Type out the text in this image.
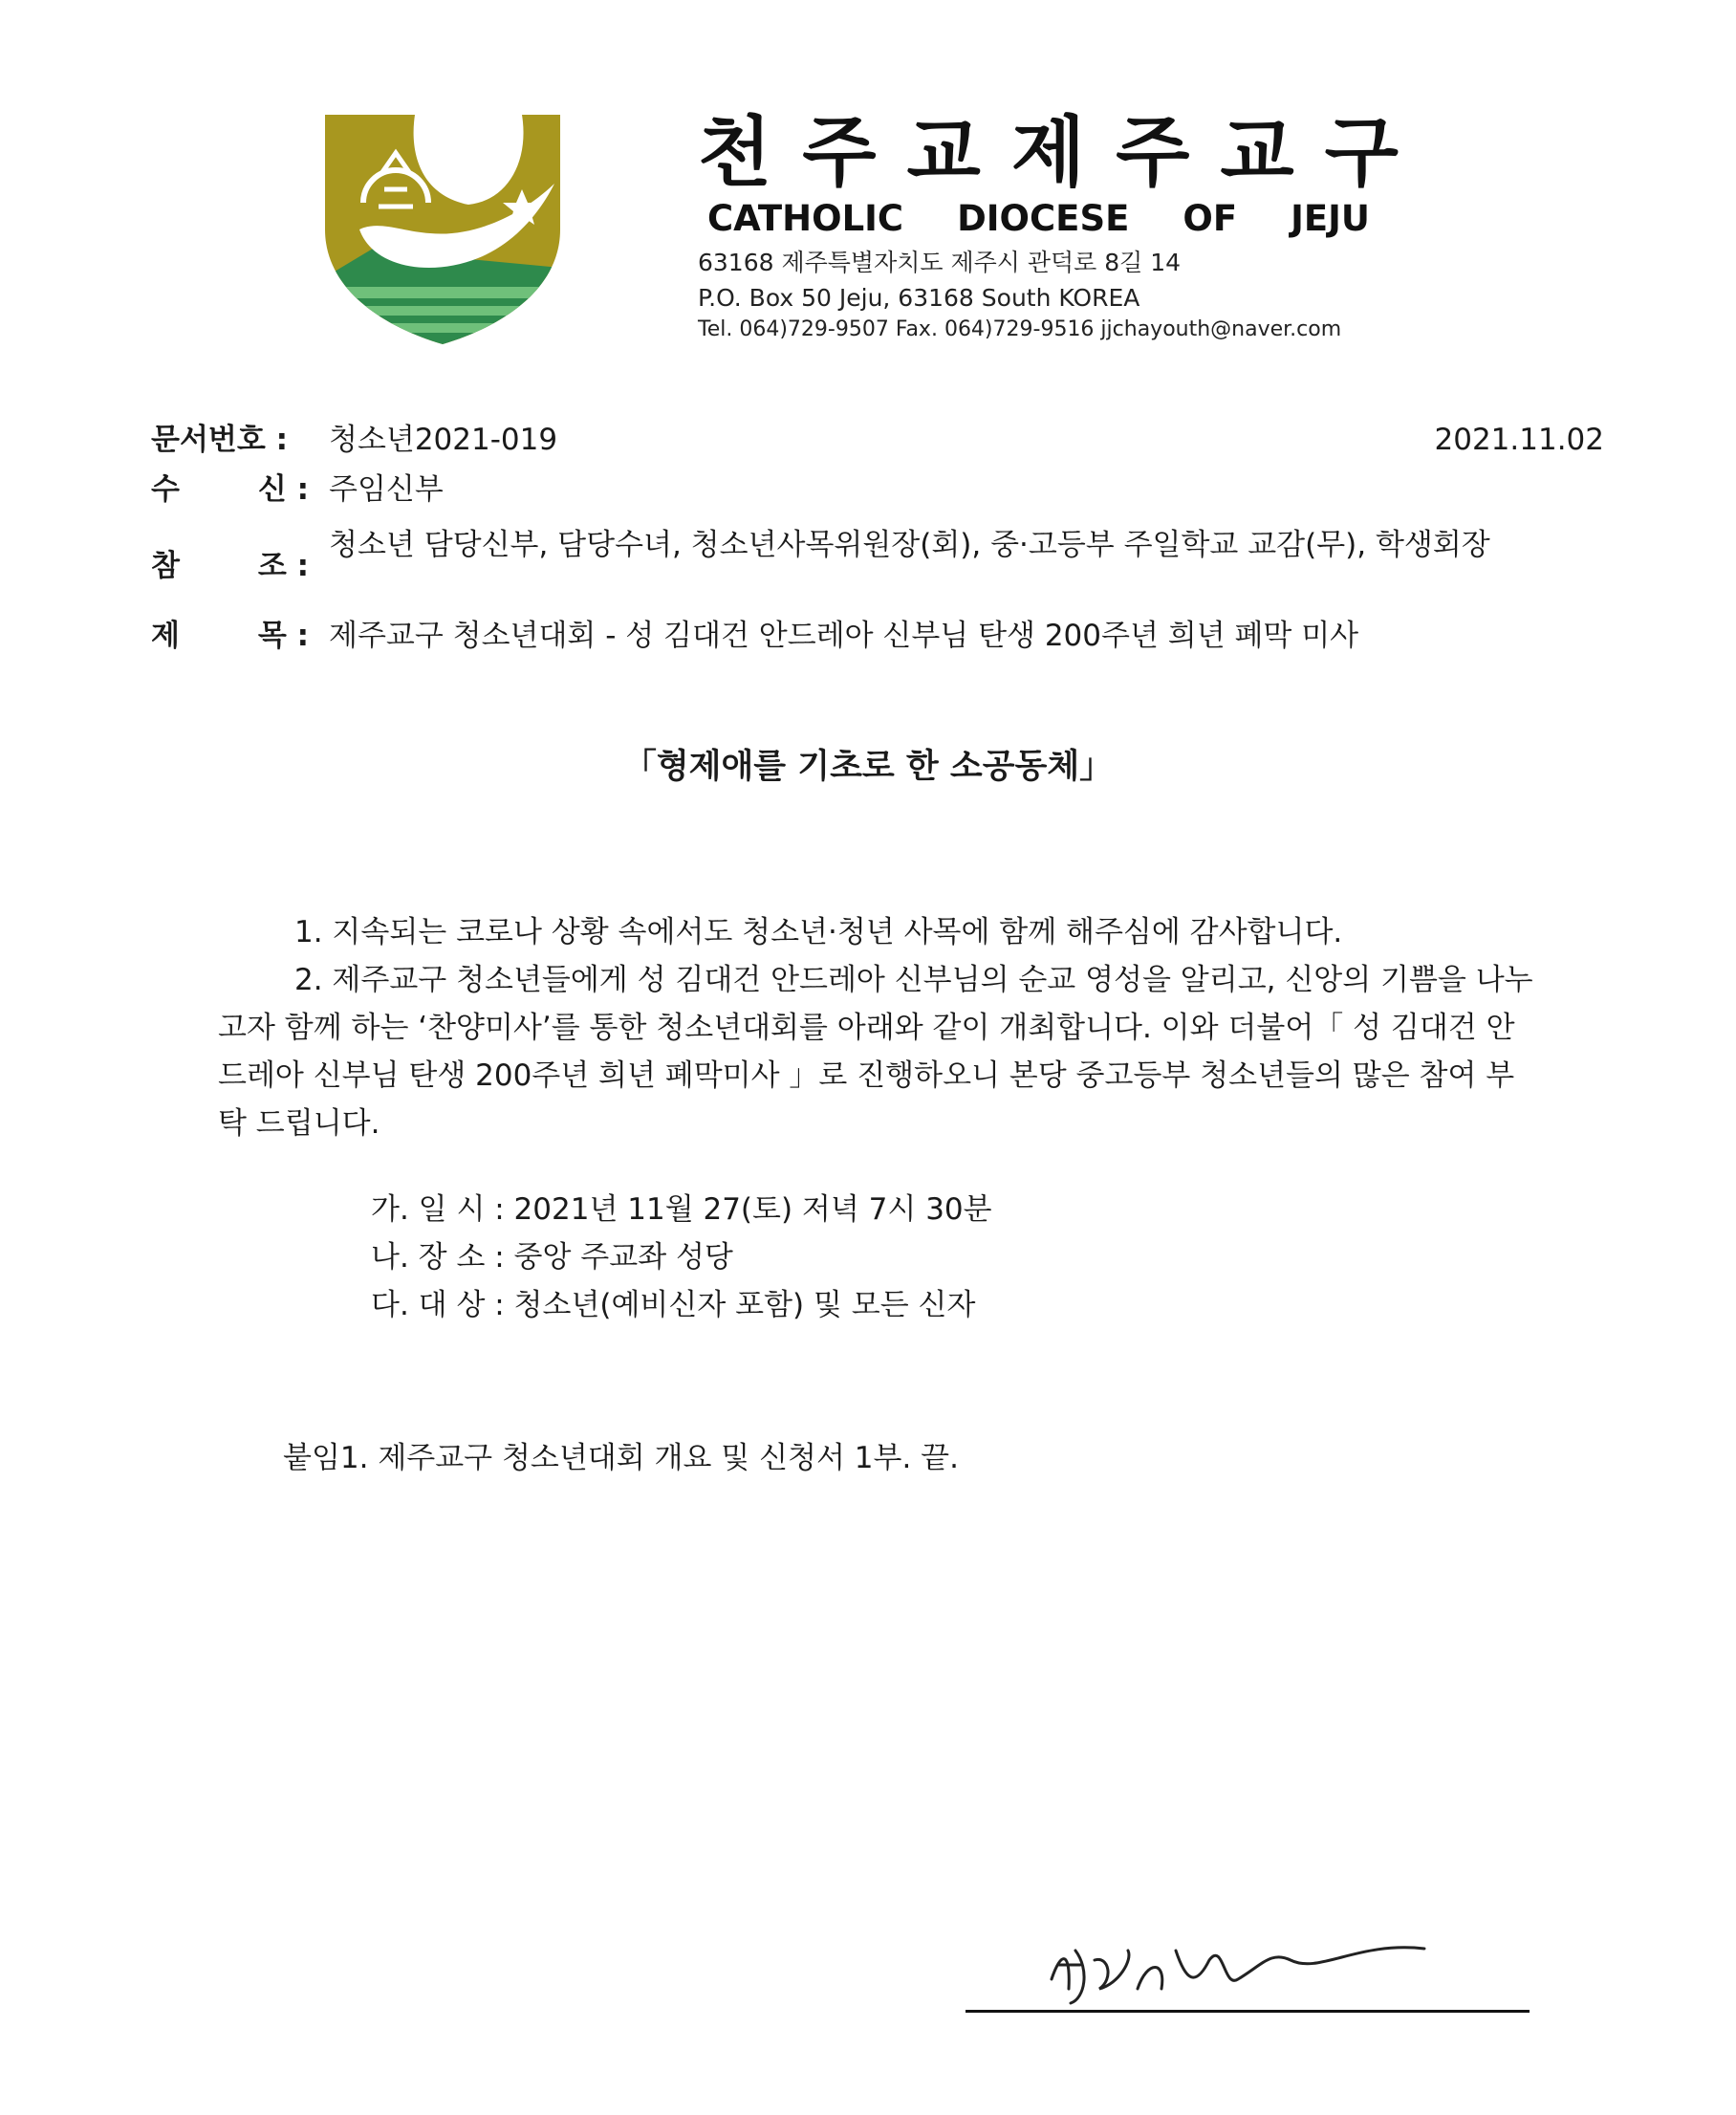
천주교제주교구
CATHOLIC DIOCESE OF JEJU
63168 제주특별자치도 제주시 관덕로 8길 14
P.O. Box 50 Jeju, 63168 South KOREA
Tel. 064)729-9507 Fax. 064)729-9516 jjchayouth@naver.com
문서번호 :	청소년2021-019	2021.11.02
수	신 : 주임신부
참	조 :
청소년 담당신부, 담당수녀, 청소년사목위원장(회), 중·고등부 주일학교 교감(무), 학생회장
제	목 : 제주교구 청소년대회 - 성 김대건 안드레아 신부님 탄생 200주년 희년 폐막 미사
「형제애를 기초로 한 소공동체」
1. 지속되는 코로나 상황 속에서도 청소년·청년 사목에 함께 해주심에 감사합니다.
2. 제주교구 청소년들에게 성 김대건 안드레아 신부님의 순교 영성을 알리고, 신앙의 기쁨을 나누고자 함께 하는 ‘찬양미사’를 통한 청소년대회를 아래와 같이 개최합니다. 이와 더불어「 성 김대건 안드레아 신부님 탄생 200주년 희년 폐막미사 」로 진행하오니 본당 중고등부 청소년들의 많은 참여 부탁 드립니다.
가. 일 시 : 2021년 11월 27(토) 저녁 7시 30분
나. 장 소 : 중앙 주교좌 성당
다. 대 상 : 청소년(예비신자 포함) 및 모든 신자
붙임1. 제주교구 청소년대회 개요 및 신청서 1부. 끝.
